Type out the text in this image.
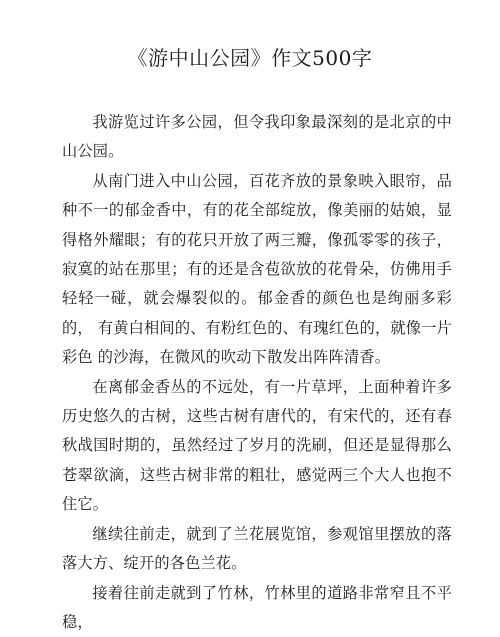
《游中山公园》作文500字

我游览过许多公园，但令我印象最深刻的是北京的中 山公园。

从南门进入中山公园，百花齐放的景象映入眼帘，品 种不一的郁金香中，有的花全部绽放，像美丽的姑娘，显 得格外耀眼；有的花只开放了两三瓣，像孤零零的孩子， 寂寞的站在那里；有的还是含苞欲放的花骨朵，仿佛用手 轻轻一碰，就会爆裂似的。郁金香的颜色也是绚丽多彩的， 有黄白相间的、有粉红色的、有瑰红色的，就像一片彩色 的沙海，在微风的吹动下散发出阵阵清香。

在离郁金香丛的不远处，有一片草坪，上面种着许多 历史悠久的古树，这些古树有唐代的，有宋代的，还有春 秋战国时期的，虽然经过了岁月的洗刷，但还是显得那么 苍翠欲滴，这些古树非常的粗壮，感觉两三个大人也抱不 住它。

继续往前走，就到了兰花展览馆，参观馆里摆放的落 落大方、绽开的各色兰花。

接着往前走就到了竹林，竹林里的道路非常窄且不平 稳，
